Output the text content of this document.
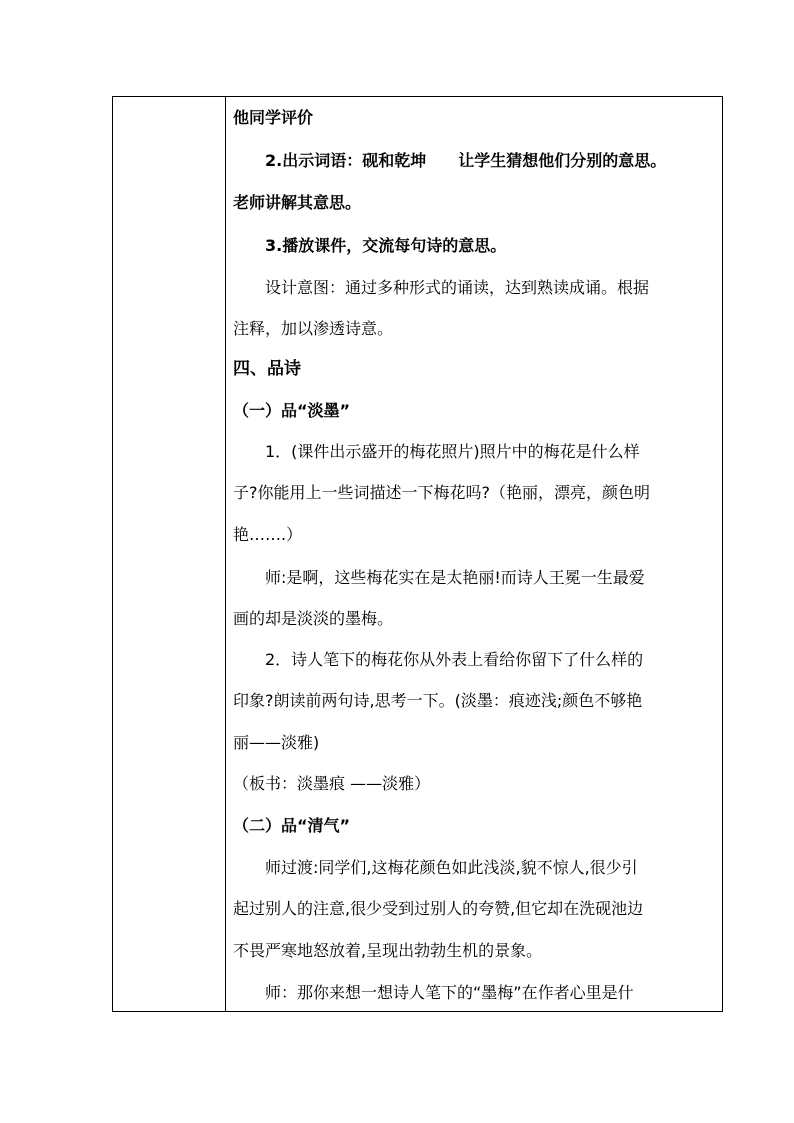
他同学评价
2.出示词语：砚和乾坤　　让学生猜想他们分别的意思。
老师讲解其意思。
3.播放课件，交流每句诗的意思。
设计意图：通过多种形式的诵读，达到熟读成诵。根据
注释，加以渗透诗意。
四、品诗
（一）品“淡墨”
1．(课件出示盛开的梅花照片)照片中的梅花是什么样
子?你能用上一些词描述一下梅花吗?（艳丽，漂亮，颜色明
艳…….）
师:是啊，这些梅花实在是太艳丽!而诗人王冕一生最爱
画的却是淡淡的墨梅。
2．诗人笔下的梅花你从外表上看给你留下了什么样的
印象?朗读前两句诗,思考一下。(淡墨：痕迹浅;颜色不够艳
丽——淡雅)
（板书：淡墨痕 ——淡雅）
（二）品“清气”
师过渡:同学们,这梅花颜色如此浅淡,貌不惊人,很少引
起过别人的注意,很少受到过别人的夸赞,但它却在洗砚池边
不畏严寒地怒放着,呈现出勃勃生机的景象。
师：那你来想一想诗人笔下的“墨梅”在作者心里是什
